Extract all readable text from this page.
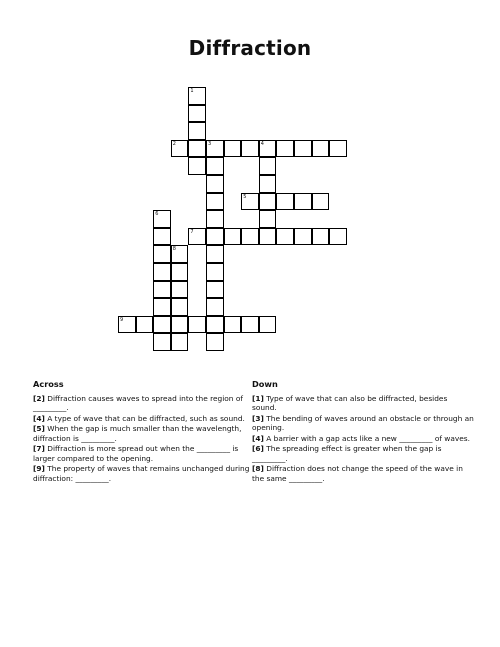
Diffraction
1
2	3	4
5
6
7
8
9
Across
[2] Diffraction causes waves to spread into the region of _________.
[4] A type of wave that can be diffracted, such as sound.
[5] When the gap is much smaller than the wavelength, diffraction is _________.
[7] Diffraction is more spread out when the _________ is larger compared to the opening.
[9] The property of waves that remains unchanged during diffraction: _________.
Down
[1] Type of wave that can also be diffracted, besides sound.
[3] The bending of waves around an obstacle or through an opening.
[4] A barrier with a gap acts like a new _________ of waves.
[6] The spreading effect is greater when the gap is _________.
[8] Diffraction does not change the speed of the wave in the same _________.
